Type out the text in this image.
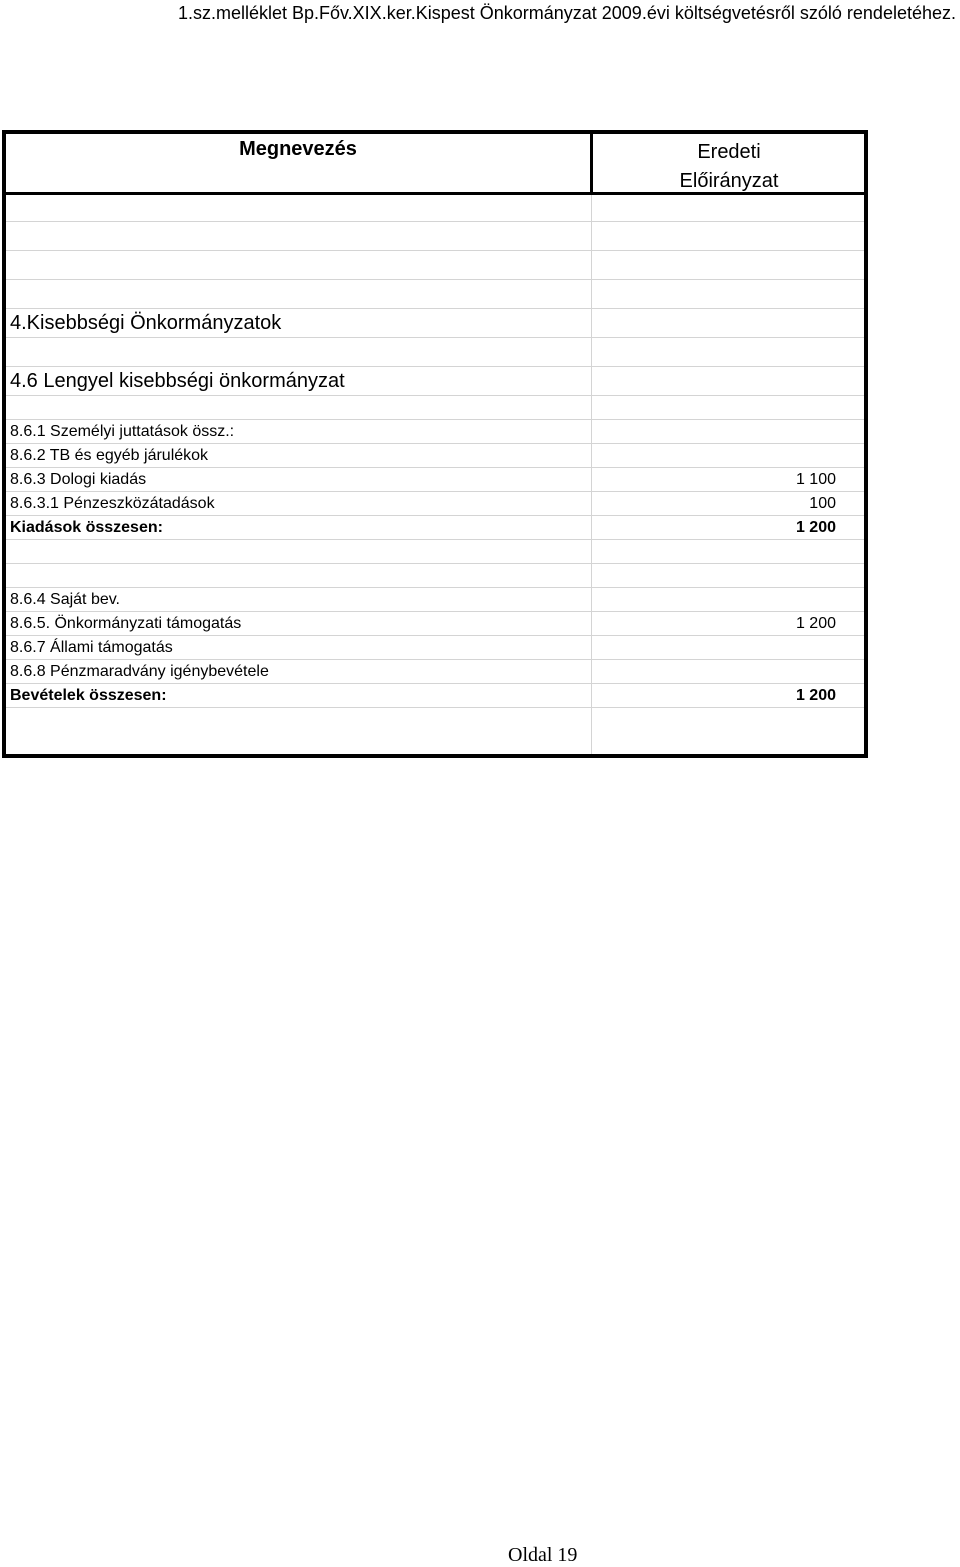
1.sz.melléklet Bp.Főv.XIX.ker.Kispest Önkormányzat 2009.évi költségvetésről szóló rendeletéhez.
Megnevezés	Eredeti
Előirányzat
4.Kisebbségi Önkormányzatok
4.6 Lengyel kisebbségi önkormányzat
8.6.1 Személyi juttatások össz.:
8.6.2 TB és egyéb járulékok
8.6.3 Dologi kiadás	1 100
8.6.3.1 Pénzeszközátadások	100
Kiadások összesen:	1 200
8.6.4 Saját bev.
8.6.5. Önkormányzati támogatás	1 200
8.6.7 Állami támogatás
8.6.8 Pénzmaradvány igénybevétele
Bevételek összesen:	1 200
Oldal 19
